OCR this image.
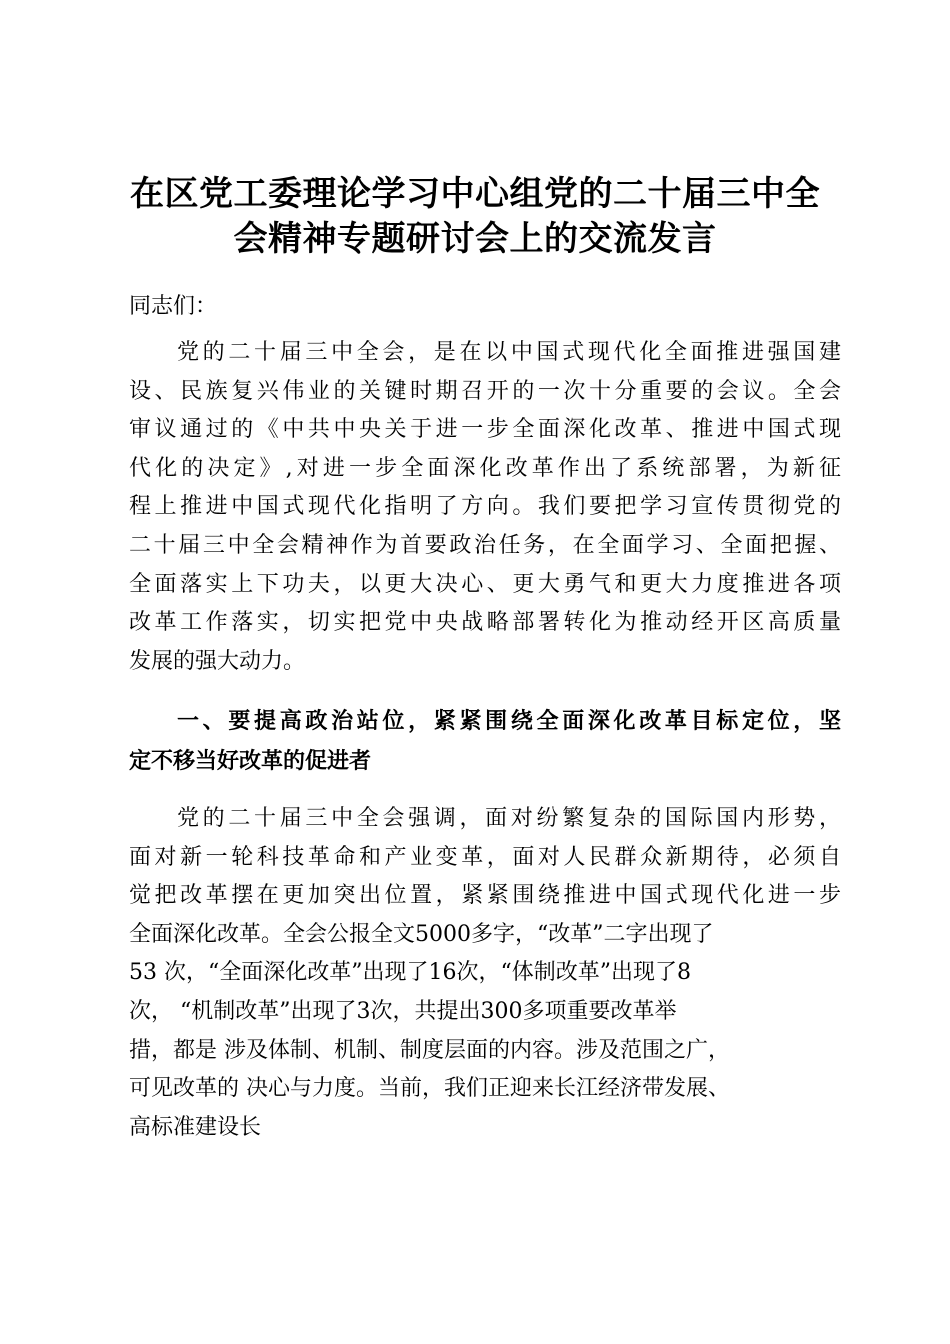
在区党工委理论学习中心组党的二十届三中全
会精神专题研讨会上的交流发言

同志们：

党的二十届三中全会，是在以中国式现代化全面推进强国建
设、民族复兴伟业的关键时期召开的一次十分重要的会议。全会
审议通过的《中共中央关于进一步全面深化改革、推进中国式现
代化的决定》,对进一步全面深化改革作出了系统部署，为新征
程上推进中国式现代化指明了方向。我们要把学习宣传贯彻党的
二十届三中全会精神作为首要政治任务，在全面学习、全面把握、
全面落实上下功夫，以更大决心、更大勇气和更大力度推进各项
改革工作落实，切实把党中央战略部署转化为推动经开区高质量
发展的强大动力。
一、要提高政治站位，紧紧围绕全面深化改革目标定位，坚
定不移当好改革的促进者
党的二十届三中全会强调，面对纷繁复杂的国际国内形势，
面对新一轮科技革命和产业变革，面对人民群众新期待，必须自
觉把改革摆在更加突出位置，紧紧围绕推进中国式现代化进一步
全面深化改革。全会公报全文5000多字，“改革”二字出现了
53 次，“全面深化改革”出现了16次，“体制改革”出现了8
次， “机制改革”出现了3次，共提出300多项重要改革举
措，都是 涉及体制、机制、制度层面的内容。涉及范围之广，
可见改革的 决心与力度。当前，我们正迎来长江经济带发展、
高标准建设长
